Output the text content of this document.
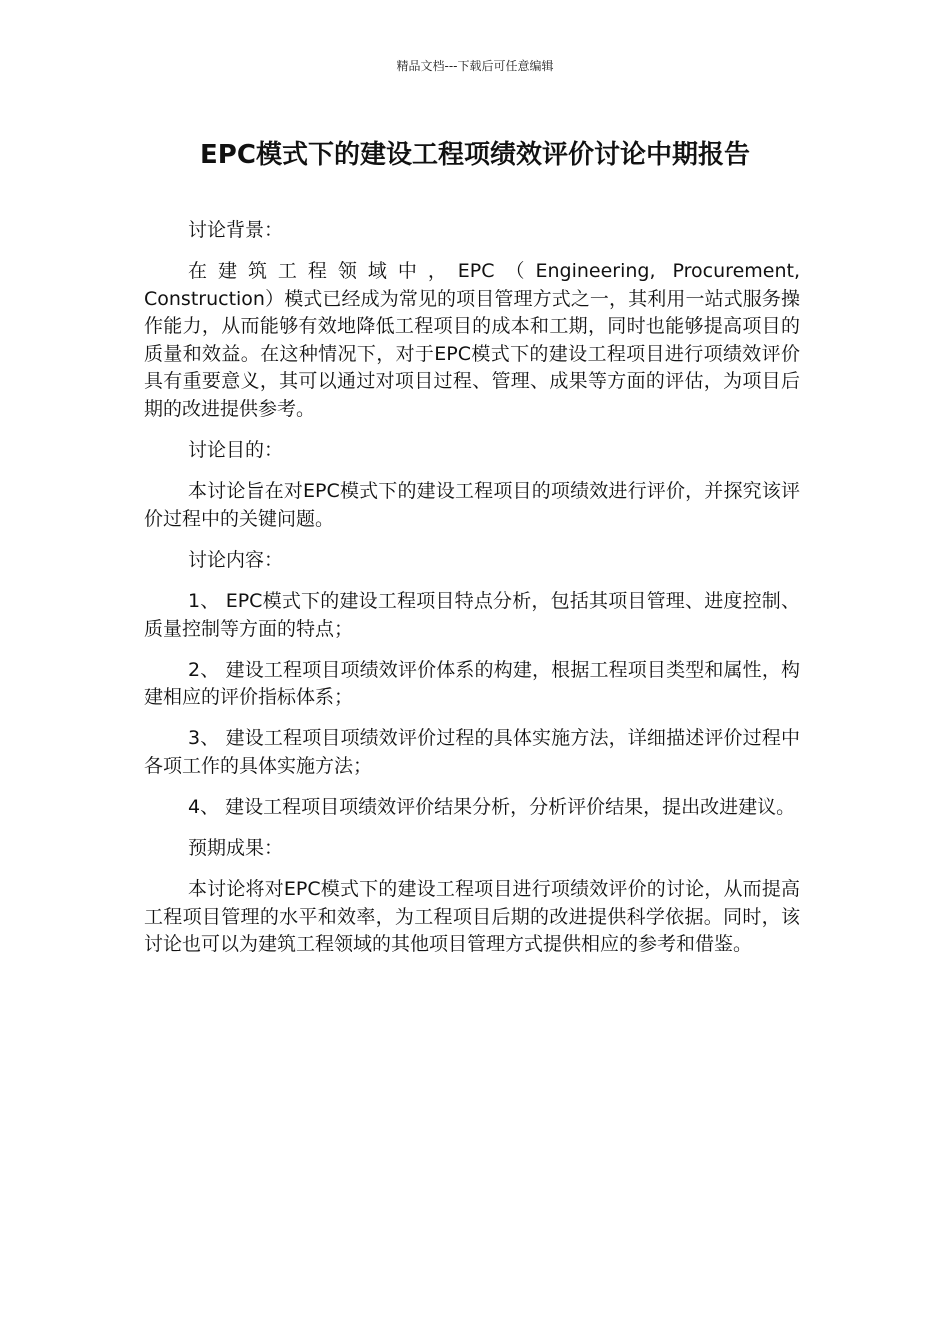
精品文档---下载后可任意编辑
EPC模式下的建设工程项绩效评价讨论中期报告

讨论背景：

在建筑工程领域中，EPC（Engineering, Procurement, Construction）模式已经成为常见的项目管理方式之一，其利用一站式服务操作能力，从而能够有效地降低工程项目的成本和工期，同时也能够提高项目的质量和效益。在这种情况下，对于EPC模式下的建设工程项目进行项绩效评价具有重要意义，其可以通过对项目过程、管理、成果等方面的评估，为项目后期的改进提供参考。

讨论目的：

本讨论旨在对EPC模式下的建设工程项目的项绩效进行评价，并探究该评价过程中的关键问题。

讨论内容：

1、 EPC模式下的建设工程项目特点分析，包括其项目管理、进度控制、质量控制等方面的特点；

2、 建设工程项目项绩效评价体系的构建，根据工程项目类型和属性，构建相应的评价指标体系；

3、 建设工程项目项绩效评价过程的具体实施方法，详细描述评价过程中各项工作的具体实施方法；

4、 建设工程项目项绩效评价结果分析，分析评价结果，提出改进建议。

预期成果：

本讨论将对EPC模式下的建设工程项目进行项绩效评价的讨论，从而提高工程项目管理的水平和效率，为工程项目后期的改进提供科学依据。同时，该讨论也可以为建筑工程领域的其他项目管理方式提供相应的参考和借鉴。
